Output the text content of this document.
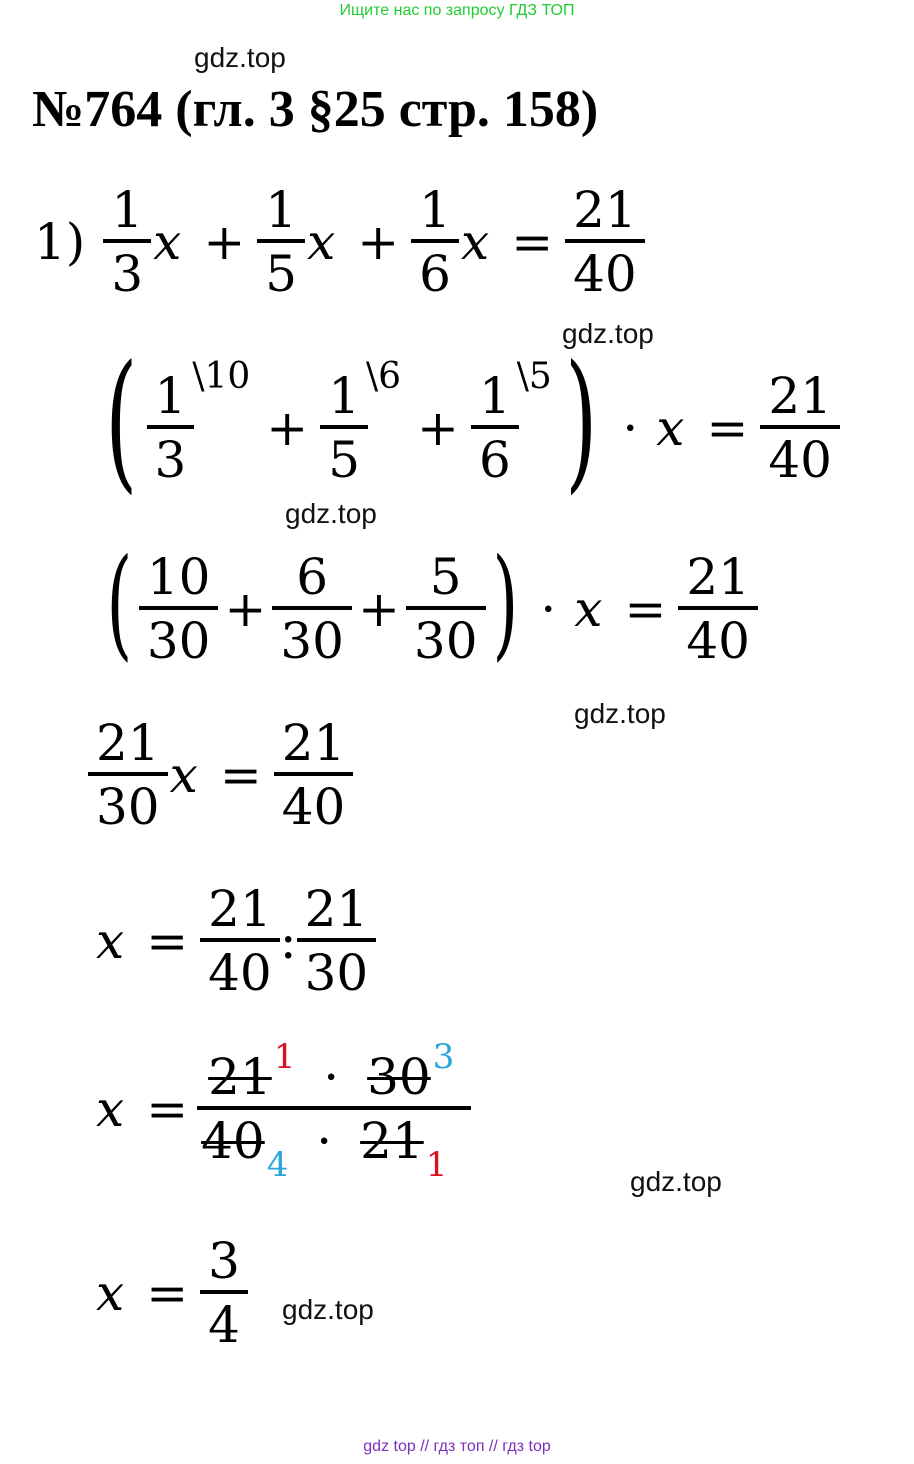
Ищите нас по запросу ГДЗ ТОП
gdz.top
№764 (гл. 3 §25 стр. 158)
$1) \frac{1}{3}$ $x + \frac{1}{5}$ $x + \frac{1}{6}$ $x = \frac{21}{40}$
gdz.top
( $\frac{1}{3}$ \10
+ $\frac{1}{5}$ \6
+ $\frac{1}{6}$ \5 ) · $x = \frac{21}{40}$
gdz.top
( $\frac{10}{30} + \frac{6}{30} + \frac{5}{30}$ ) · $x = \frac{21}{40}$
gdz.top
$\frac{21}{30}$ $x = \frac{21}{40}$
$x = \frac{21}{40}$ : $\frac{21}{30}$
$x = \frac{21^1 \cdot 30^3}{40_4 \cdot 21_1}$
gdz.top
$x = \frac{3}{4} gdz.top$
gdz top // гдз топ // гдз top
